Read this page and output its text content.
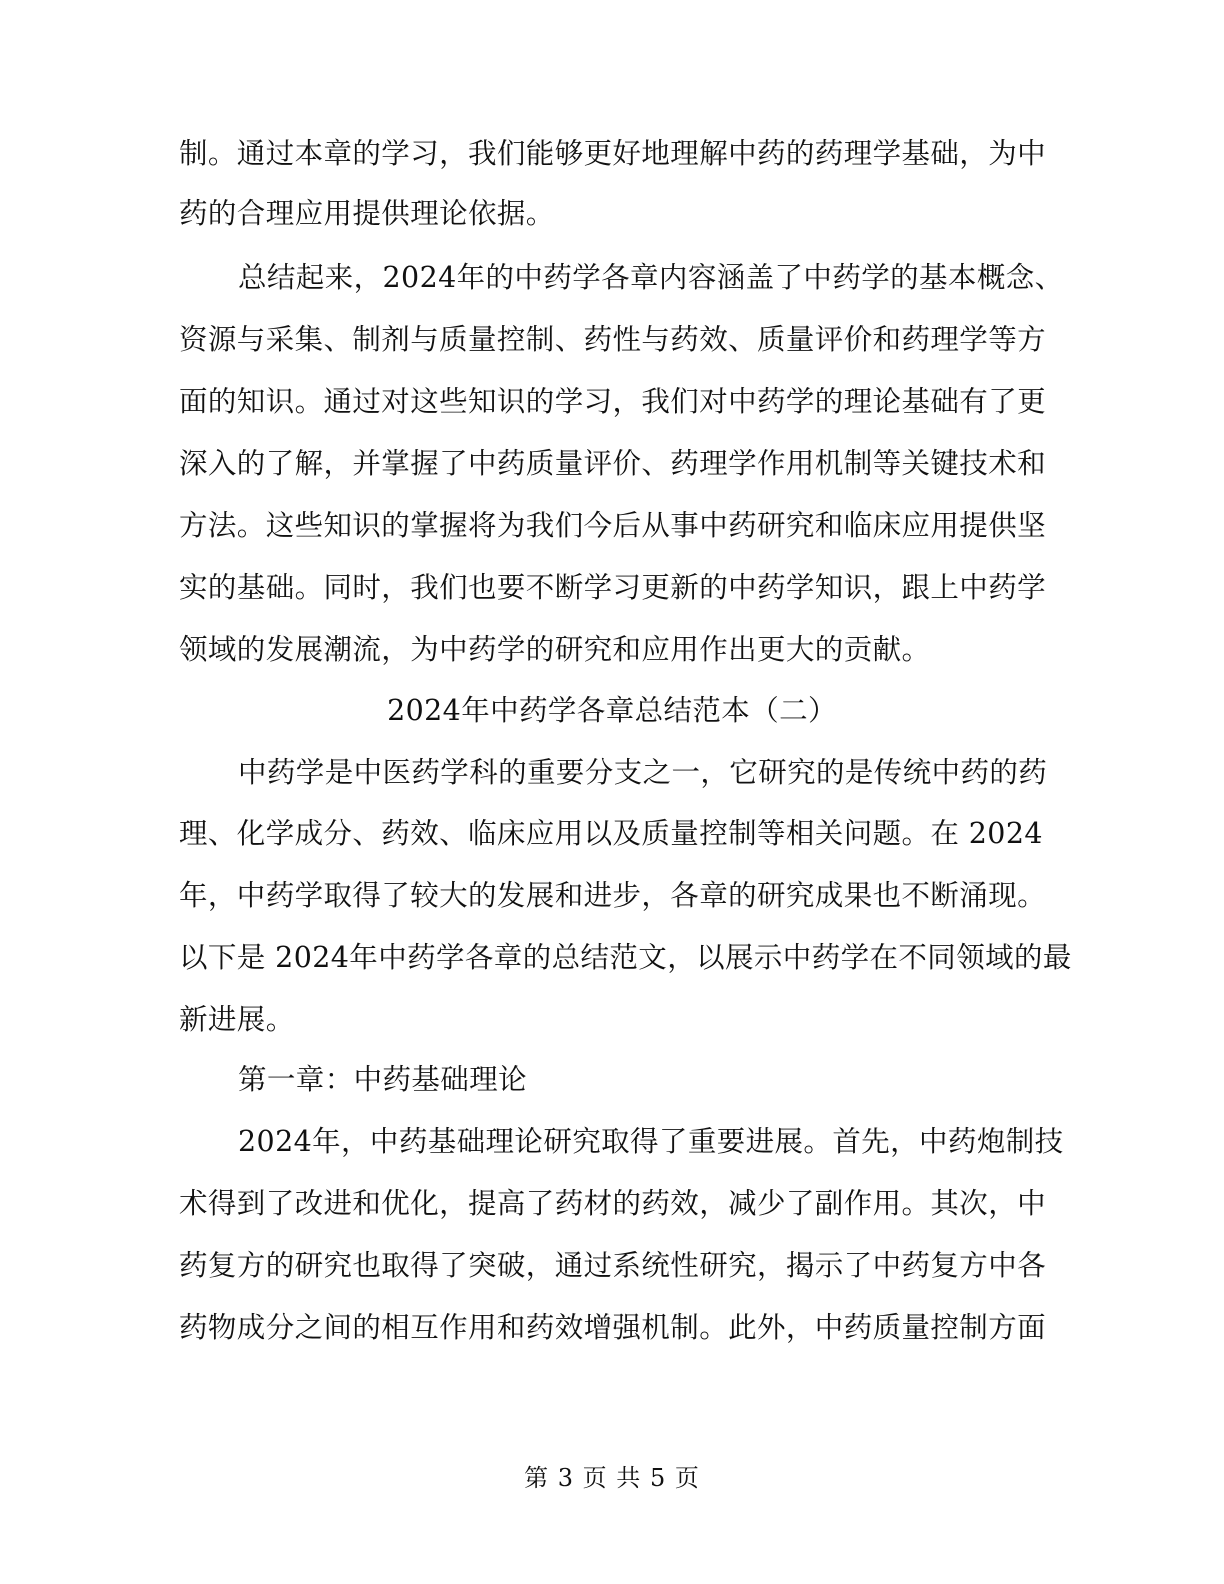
制。通过本章的学习，我们能够更好地理解中药的药理学基础，为中
药的合理应用提供理论依据。
总结起来，2024年的中药学各章内容涵盖了中药学的基本概念、
资源与采集、制剂与质量控制、药性与药效、质量评价和药理学等方
面的知识。通过对这些知识的学习，我们对中药学的理论基础有了更
深入的了解，并掌握了中药质量评价、药理学作用机制等关键技术和
方法。这些知识的掌握将为我们今后从事中药研究和临床应用提供坚
实的基础。同时，我们也要不断学习更新的中药学知识，跟上中药学
领域的发展潮流，为中药学的研究和应用作出更大的贡献。
2024年中药学各章总结范本（二）
中药学是中医药学科的重要分支之一，它研究的是传统中药的药
理、化学成分、药效、临床应用以及质量控制等相关问题。在 2024
年，中药学取得了较大的发展和进步，各章的研究成果也不断涌现。
以下是 2024年中药学各章的总结范文，以展示中药学在不同领域的最
新进展。
第一章：中药基础理论
2024年，中药基础理论研究取得了重要进展。首先，中药炮制技
术得到了改进和优化，提高了药材的药效，减少了副作用。其次，中
药复方的研究也取得了突破，通过系统性研究，揭示了中药复方中各
药物成分之间的相互作用和药效增强机制。此外，中药质量控制方面
第 3 页 共 5 页
